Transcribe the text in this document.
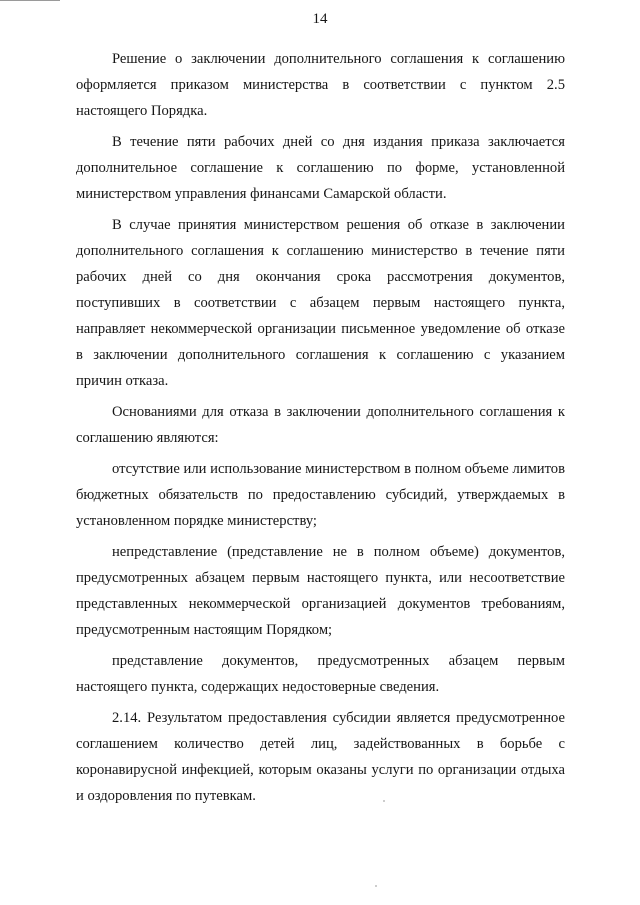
14

Решение о заключении дополнительного соглашения к соглашению оформляется приказом министерства в соответствии с пунктом 2.5 настоящего Порядка.

В течение пяти рабочих дней со дня издания приказа заключается дополнительное соглашение к соглашению по форме, установленной министерством управления финансами Самарской области.

В случае принятия министерством решения об отказе в заключении дополнительного соглашения к соглашению министерство в течение пяти рабочих дней со дня окончания срока рассмотрения документов, поступивших в соответствии с абзацем первым настоящего пункта, направляет некоммерческой организации письменное уведомление об отказе в заключении дополнительного соглашения к соглашению с указанием причин отказа.

Основаниями для отказа в заключении дополнительного соглашения к соглашению являются:

отсутствие или использование министерством в полном объеме лимитов бюджетных обязательств по предоставлению субсидий, утверждаемых в установленном порядке министерству;

непредставление (представление не в полном объеме) документов, предусмотренных абзацем первым настоящего пункта, или несоответствие представленных некоммерческой организацией документов требованиям, предусмотренным настоящим Порядком;

представление документов, предусмотренных абзацем первым настоящего пункта, содержащих недостоверные сведения.

2.14. Результатом предоставления субсидии является предусмотренное соглашением количество детей лиц, задействованных в борьбе с коронавирусной инфекцией, которым оказаны услуги по организации отдыха и оздоровления по путевкам.
